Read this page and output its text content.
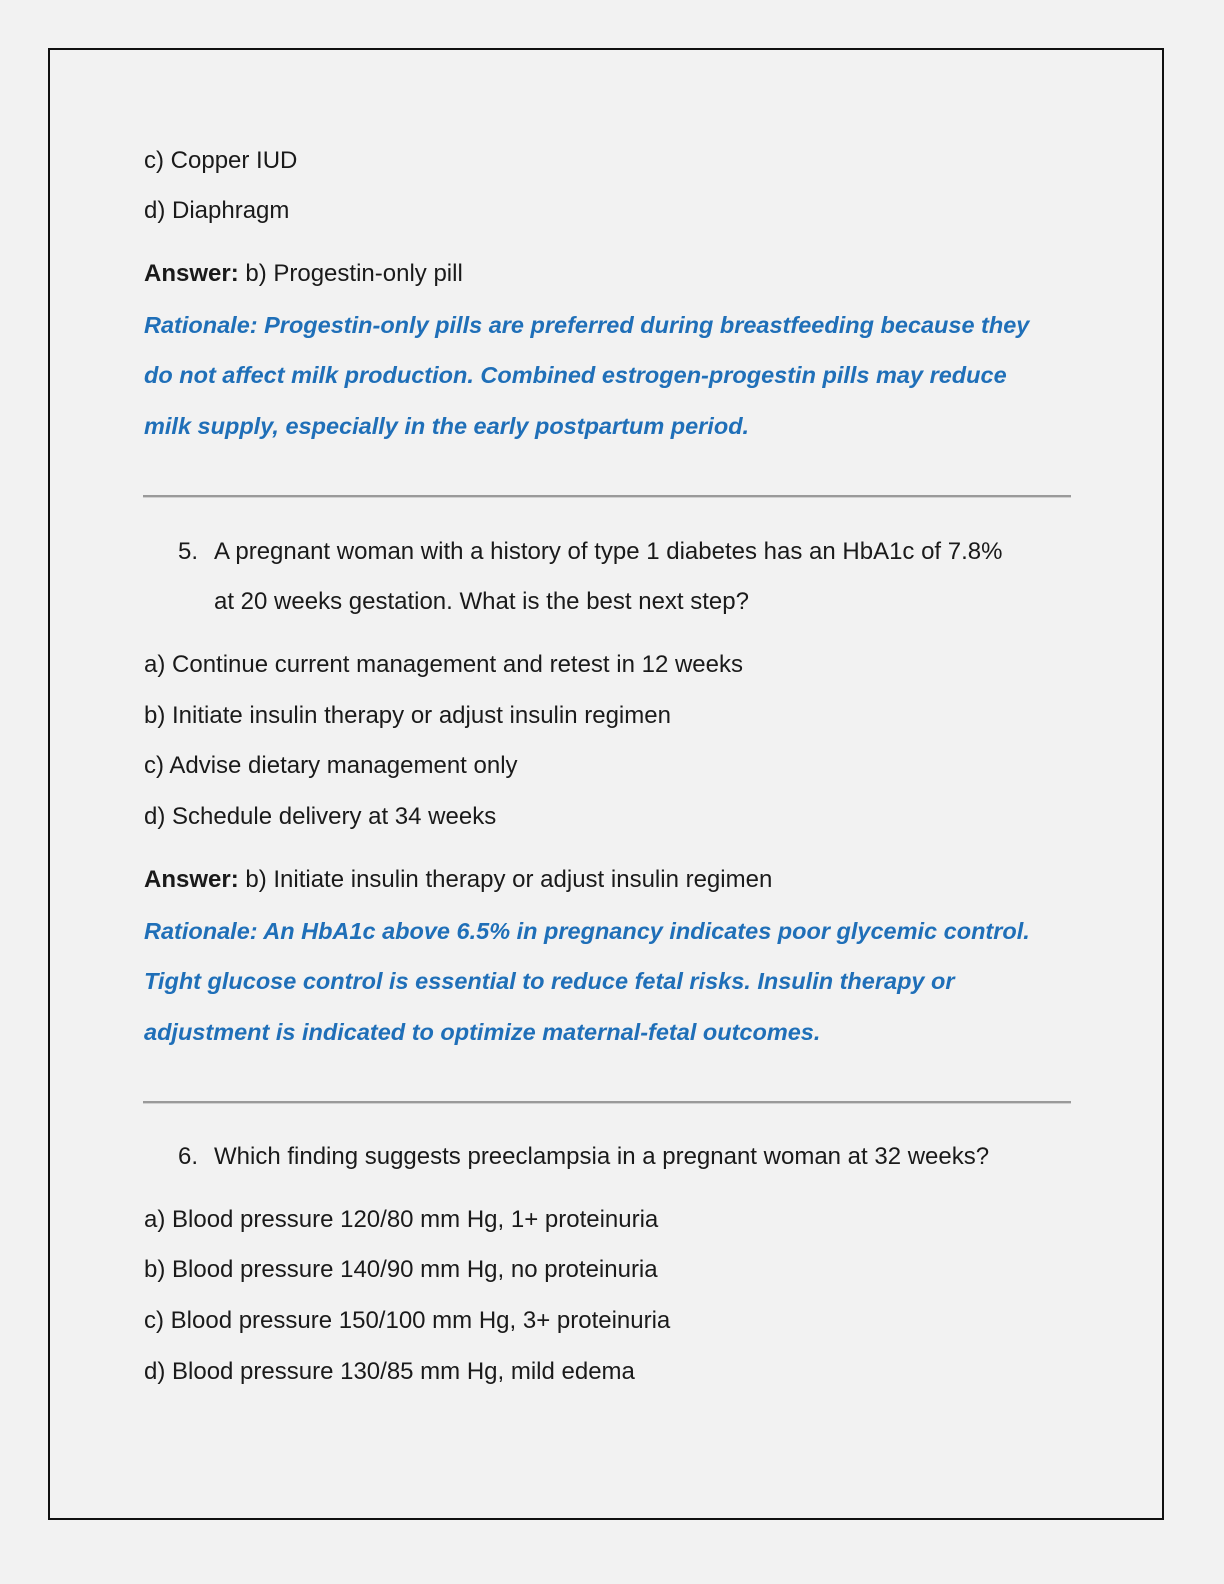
c) Copper IUD
d) Diaphragm
Answer: b) Progestin-only pill
Rationale: Progestin-only pills are preferred during breastfeeding because they
do not affect milk production. Combined estrogen-progestin pills may reduce
milk supply, especially in the early postpartum period.
5. A pregnant woman with a history of type 1 diabetes has an HbA1c of 7.8%
at 20 weeks gestation. What is the best next step?
a) Continue current management and retest in 12 weeks
b) Initiate insulin therapy or adjust insulin regimen
c) Advise dietary management only
d) Schedule delivery at 34 weeks
Answer: b) Initiate insulin therapy or adjust insulin regimen
Rationale: An HbA1c above 6.5% in pregnancy indicates poor glycemic control.
Tight glucose control is essential to reduce fetal risks. Insulin therapy or
adjustment is indicated to optimize maternal-fetal outcomes.
6. Which finding suggests preeclampsia in a pregnant woman at 32 weeks?
a) Blood pressure 120/80 mm Hg, 1+ proteinuria
b) Blood pressure 140/90 mm Hg, no proteinuria
c) Blood pressure 150/100 mm Hg, 3+ proteinuria
d) Blood pressure 130/85 mm Hg, mild edema
